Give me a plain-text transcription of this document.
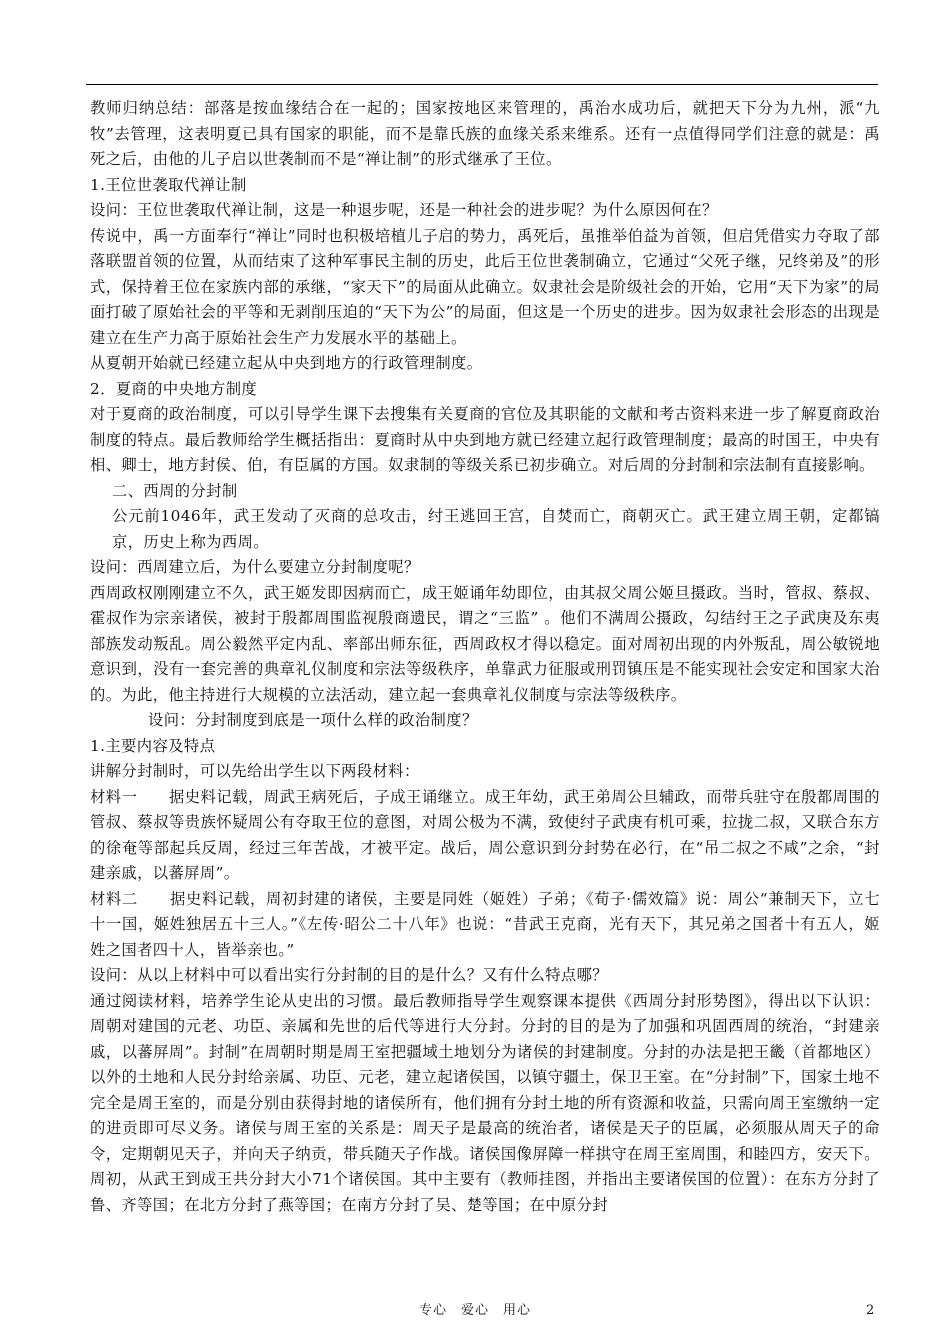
教师归纳总结：部落是按血缘结合在一起的；国家按地区来管理的，禹治水成功后，就把天下分为九州，派“九牧”去管理，这表明夏已具有国家的职能，而不是靠氏族的血缘关系来维系。还有一点值得同学们注意的就是：禹死之后，由他的儿子启以世袭制而不是“禅让制”的形式继承了王位。

1.王位世袭取代禅让制

设问：王位世袭取代禅让制，这是一种退步呢，还是一种社会的进步呢？为什么原因何在？

传说中，禹一方面奉行“禅让”同时也积极培植儿子启的势力，禹死后，虽推举伯益为首领，但启凭借实力夺取了部落联盟首领的位置，从而结束了这种军事民主制的历史，此后王位世袭制确立，它通过“父死子继，兄终弟及”的形式，保持着王位在家族内部的承继，“家天下”的局面从此确立。奴隶社会是阶级社会的开始，它用“天下为家”的局面打破了原始社会的平等和无剥削压迫的“天下为公”的局面，但这是一个历史的进步。因为奴隶社会形态的出现是建立在生产力高于原始社会生产力发展水平的基础上。

从夏朝开始就已经建立起从中央到地方的行政管理制度。

2．夏商的中央地方制度

对于夏商的政治制度，可以引导学生课下去搜集有关夏商的官位及其职能的文献和考古资料来进一步了解夏商政治制度的特点。最后教师给学生概括指出：夏商时从中央到地方就已经建立起行政管理制度；最高的时国王，中央有相、卿士，地方封侯、伯，有臣属的方国。奴隶制的等级关系已初步确立。对后周的分封制和宗法制有直接影响。

二、西周的分封制

公元前1046年，武王发动了灭商的总攻击，纣王逃回王宫，自焚而亡，商朝灭亡。武王建立周王朝，定都镐京，历史上称为西周。

设问：西周建立后，为什么要建立分封制度呢？

西周政权刚刚建立不久，武王姬发即因病而亡，成王姬诵年幼即位，由其叔父周公姬旦摄政。当时，管叔、蔡叔、霍叔作为宗亲诸侯，被封于殷都周围监视殷商遗民，谓之“三监” 。他们不满周公摄政，勾结纣王之子武庚及东夷部族发动叛乱。周公毅然平定内乱、率部出师东征，西周政权才得以稳定。面对周初出现的内外叛乱，周公敏锐地意识到，没有一套完善的典章礼仪制度和宗法等级秩序，单靠武力征服或刑罚镇压是不能实现社会安定和国家大治的。为此，他主持进行大规模的立法活动，建立起一套典章礼仪制度与宗法等级秩序。

设问：分封制度到底是一项什么样的政治制度？

1.主要内容及特点

讲解分封制时，可以先给出学生以下两段材料：

材料一　　据史料记载，周武王病死后，子成王诵继立。成王年幼，武王弟周公旦辅政，而带兵驻守在殷都周围的管叔、蔡叔等贵族怀疑周公有夺取王位的意图，对周公极为不满，致使纣子武庚有机可乘，拉拢二叔，又联合东方的徐奄等部起兵反周，经过三年苦战，才被平定。战后，周公意识到分封势在必行，在“吊二叔之不咸”之余，“封建亲戚，以蕃屏周”。

材料二　　据史料记载，周初封建的诸侯，主要是同姓（姬姓）子弟；《荀子·儒效篇》说：周公“兼制天下，立七十一国，姬姓独居五十三人。”《左传·昭公二十八年》也说：“昔武王克商，光有天下，其兄弟之国者十有五人，姬姓之国者四十人，皆举亲也。”

设问：从以上材料中可以看出实行分封制的目的是什么？又有什么特点哪？

通过阅读材料，培养学生论从史出的习惯。最后教师指导学生观察课本提供《西周分封形势图》，得出以下认识：周朝对建国的元老、功臣、亲属和先世的后代等进行大分封。分封的目的是为了加强和巩固西周的统治，“封建亲戚，以蕃屏周”。封制”在周朝时期是周王室把疆域土地划分为诸侯的封建制度。分封的办法是把王畿（首都地区）以外的土地和人民分封给亲属、功臣、元老，建立起诸侯国，以镇守疆土，保卫王室。在“分封制”下，国家土地不完全是周王室的，而是分别由获得封地的诸侯所有，他们拥有分封土地的所有资源和收益，只需向周王室缴纳一定的进贡即可尽义务。诸侯与周王室的关系是：周天子是最高的统治者，诸侯是天子的臣属，必须服从周天子的命令，定期朝见天子，并向天子纳贡，带兵随天子作战。诸侯国像屏障一样拱守在周王室周围，和睦四方，安天下。周初，从武王到成王共分封大小71个诸侯国。其中主要有（教师挂图，并指出主要诸侯国的位置）：在东方分封了鲁、齐等国；在北方分封了燕等国；在南方分封了吴、楚等国；在中原分封

专心　爱心　用心	2
